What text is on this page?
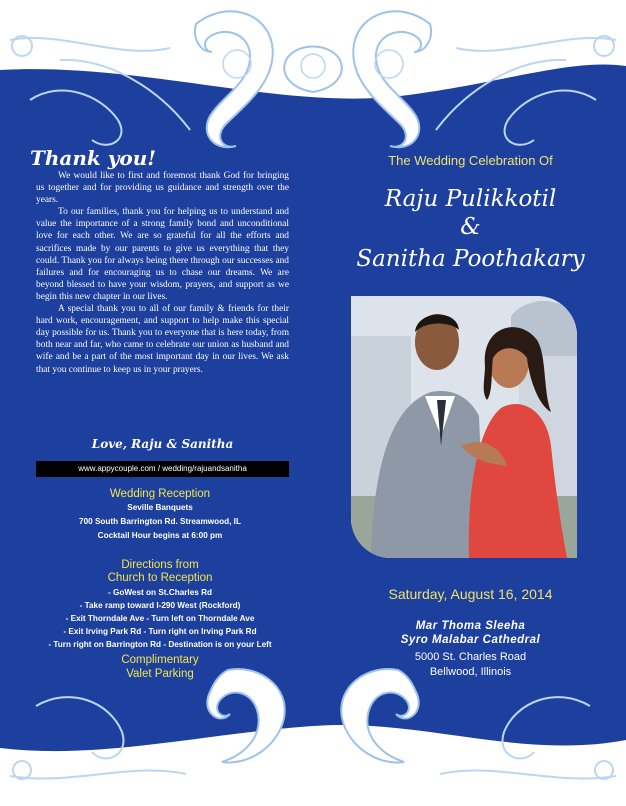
Thank you!

We would like to first and foremost thank God for bringing us together and for providing us guidance and strength over the years.

To our families, thank you for helping us to understand and value the importance of a strong family bond and unconditional love for each other. We are so grateful for all the efforts and sacrifices made by our parents to give us everything that they could. Thank you for always being there through our successes and failures and for encouraging us to chase our dreams. We are beyond blessed to have your wisdom, prayers, and support as we begin this new chapter in our lives.

A special thank you to all of our family & friends for their hard work, encouragement, and support to help make this special day possible for us. Thank you to everyone that is here today, from both near and far, who came to celebrate our union as husband and wife and be a part of the most important day in our lives. We ask that you continue to keep us in your prayers.

Love, Raju & Sanitha
www.appycouple.com / wedding/rajuandsanitha
Wedding Reception
Seville Banquets
700 South Barrington Rd. Streamwood, IL
Cocktail Hour begins at 6:00 pm
Directions from
Church to Reception
- GoWest on St.Charles Rd
- Take ramp toward I-290 West (Rockford)
- Exit Thorndale Ave - Turn left on Thorndale Ave
- Exit Irving Park Rd - Turn right on Irving Park Rd
- Turn right on Barrington Rd - Destination is on your Left
Complimentary
Valet Parking
The Wedding Celebration Of
Raju Pulikkotil
&
Sanitha Poothakary
Saturday, August 16, 2014
Mar Thoma Sleeha
Syro Malabar Cathedral
5000 St. Charles Road
Bellwood, Illinois
